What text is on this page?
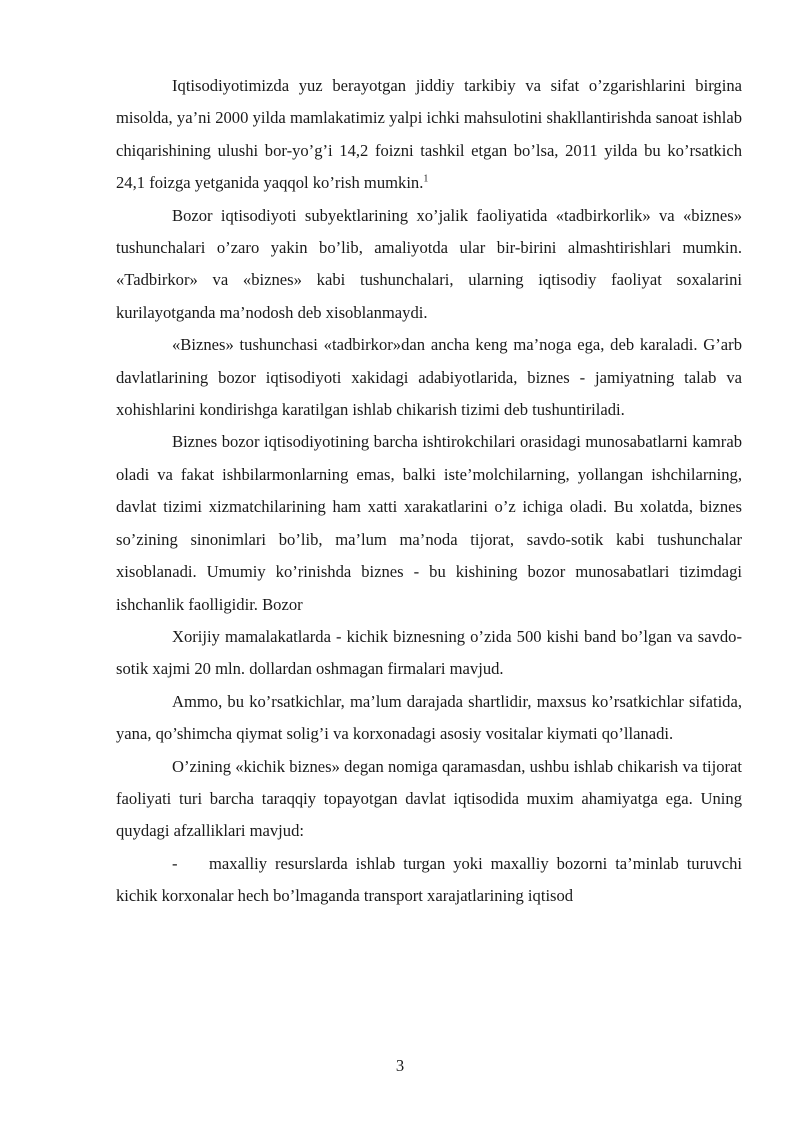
Iqtisodiyotimizda yuz berayotgan jiddiy tarkibiy va sifat o’zgarishlarini birgina misolda, ya’ni 2000 yilda mamlakatimiz yalpi ichki mahsulotini shakllantirishda sanoat ishlab chiqarishining ulushi bor-yo’g’i 14,2 foizni tashkil etgan bo’lsa, 2011 yilda bu ko’rsatkich 24,1 foizga yetganida yaqqol ko’rish mumkin.$^1$

Bozor iqtisodiyoti subyektlarining xo’jalik faoliyatida «tadbirkorlik» va «biznes» tushunchalari o’zaro yakin bo’lib, amaliyotda ular bir-birini almashtirishlari mumkin. «Tadbirkor» va «biznes» kabi tushunchalari, ularning iqtisodiy faoliyat soxalarini kurilayotganda ma’nodosh deb xisoblanmaydi.

«Biznes» tushunchasi «tadbirkor»dan ancha keng ma’noga ega, deb karaladi. G’arb davlatlarining bozor iqtisodiyoti xakidagi adabiyotlarida, biznes - jamiyatning talab va xohishlarini kondirishga karatilgan ishlab chikarish tizimi deb tushuntiriladi.

Biznes bozor iqtisodiyotining barcha ishtirokchilari orasidagi munosabatlarni kamrab oladi va fakat ishbilarmonlarning emas, balki iste’molchilarning, yollangan ishchilarning, davlat tizimi xizmatchilarining ham xatti xarakatlarini o’z ichiga oladi. Bu xolatda, biznes so’zining sinonimlari bo’lib, ma’lum ma’noda tijorat, savdo-sotik kabi tushunchalar xisoblanadi. Umumiy ko’rinishda biznes - bu kishining bozor munosabatlari tizimdagi ishchanlik faolligidir. Bozor

Xorijiy mamalakatlarda - kichik biznesning o’zida 500 kishi band bo’lgan va savdo-sotik xajmi 20 mln. dollardan oshmagan firmalari mavjud.

Ammo, bu ko’rsatkichlar, ma’lum darajada shartlidir, maxsus ko’rsatkichlar sifatida, yana, qo’shimcha qiymat solig’i va korxonadagi asosiy vositalar kiymati qo’llanadi.

O’zining «kichik biznes» degan nomiga qaramasdan, ushbu ishlab chikarish va tijorat faoliyati turi barcha taraqqiy topayotgan davlat iqtisodida muxim ahamiyatga ega. Uning quydagi afzalliklari mavjud:

- maxalliy resurslarda ishlab turgan yoki maxalliy bozorni ta’minlab turuvchi kichik korxonalar hech bo’lmaganda transport xarajatlarining iqtisod

3
